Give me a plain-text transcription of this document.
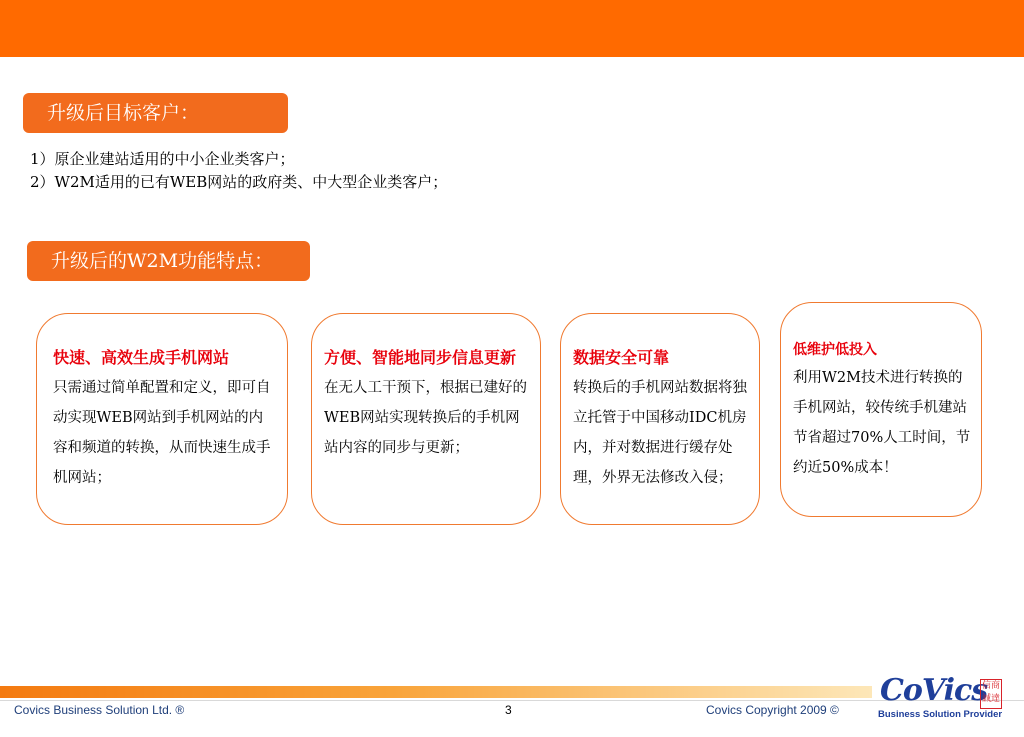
升级后目标客户：
1）原企业建站适用的中小企业类客户；
2）W2M适用的已有WEB网站的政府类、中大型企业类客户；
升级后的W2M功能特点：
快速、高效生成手机网站
只需通过简单配置和定义，即可自动实现WEB网站到手机网站的内容和频道的转换，从而快速生成手机网站；
方便、智能地同步信息更新
在无人工干预下，根据已建好的WEB网站实现转换后的手机网站内容的同步与更新；
数据安全可靠
转换后的手机网站数据将独立托管于中国移动IDC机房内，并对数据进行缓存处理，外界无法修改入侵；
低维护低投入
利用W2M技术进行转换的手机网站，较传统手机建站节省超过70%人工时间，节约近50%成本！
Covics Business Solution Ltd. ®	3	Covics Copyright 2009 ©
CoVics
信商誠達
Business Solution Provider
